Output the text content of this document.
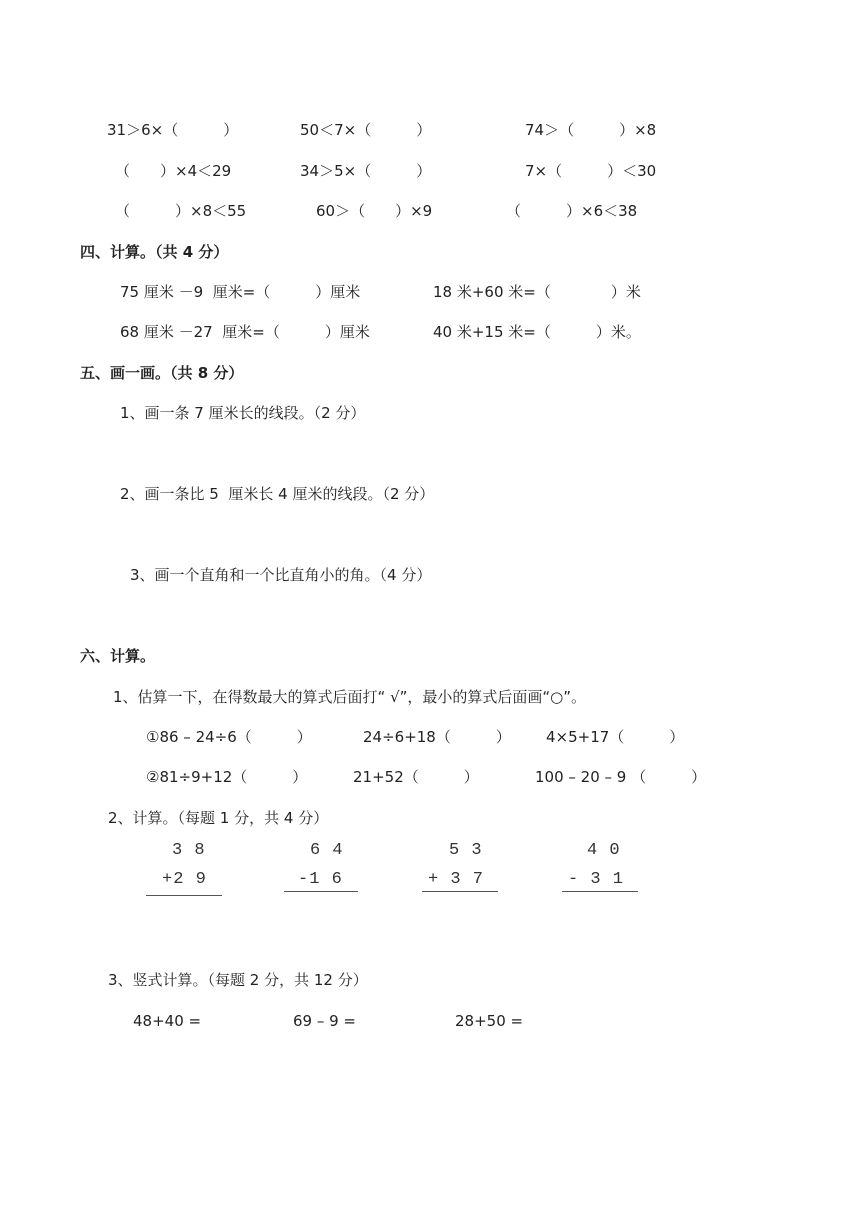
31＞6×（　　　）	50＜7×（　　　）	74＞（　　　）×8
（　　）×4＜29	34＞5×（　　　）	7×（　　　）＜30
（　　　）×8＜55	60＞（　　）×9	（　　　）×6＜38
四、计算。（共 4 分）
75 厘米 －9  厘米=（　　　）厘米	18 米+60 米=（　　　　）米
68 厘米 －27  厘米=（　　　）厘米	40 米+15 米=（　　　）米。
五、画一画。（共 8 分）
1、画一条 7 厘米长的线段。（2 分）
2、画一条比 5  厘米长 4 厘米的线段。（2 分）
3、画一个直角和一个比直角小的角。（4 分）
六、计算。
1、估算一下，在得数最大的算式后面打“ √”，最小的算式后面画“○”。
①86 – 24÷6（　　　）	24÷6+18（　　　） 4×5+17（　　　）
②81÷9+12（　　　）	21+52（　　　）	100 – 20 – 9 （　　　）
2、计算。（每题 1 分，共 4 分）
3 8
+2 9
6 4
-1 6
5 3
+ 3 7
4 0
- 3 1
3、竖式计算。（每题 2 分，共 12 分）
48+40 =	69 – 9 =	28+50 =
